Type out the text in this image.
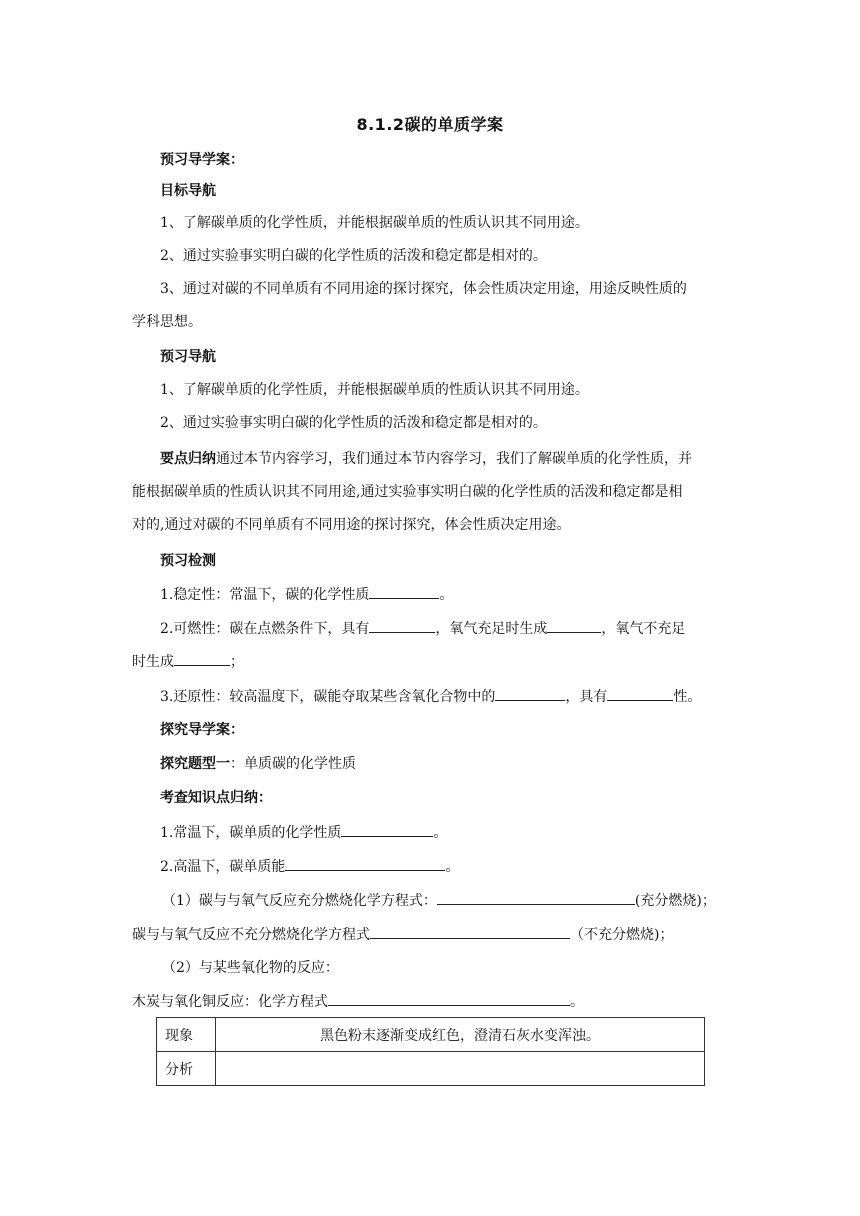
8.1.2碳的单质学案
预习导学案：
目标导航
1、了解碳单质的化学性质，并能根据碳单质的性质认识其不同用途。
2、通过实验事实明白碳的化学性质的活泼和稳定都是相对的。
3、通过对碳的不同单质有不同用途的探讨探究，体会性质决定用途，用途反映性质的
学科思想。
预习导航
1、了解碳单质的化学性质，并能根据碳单质的性质认识其不同用途。
2、通过实验事实明白碳的化学性质的活泼和稳定都是相对的。
要点归纳通过本节内容学习，我们通过本节内容学习，我们了解碳单质的化学性质，并
能根据碳单质的性质认识其不同用途,通过实验事实明白碳的化学性质的活泼和稳定都是相
对的,通过对碳的不同单质有不同用途的探讨探究，体会性质决定用途。
预习检测
1.稳定性：常温下，碳的化学性质	。
2.可燃性：碳在点燃条件下，具有	，氧气充足时生成	，氧气不充足
时生成	；
3.还原性：较高温度下，碳能夺取某些含氧化合物中的	，具有	性。
探究导学案：
探究题型一：单质碳的化学性质
考查知识点归纳：
1.常温下，碳单质的化学性质	。
2.高温下，碳单质能	。
（1）碳与与氧气反应充分燃烧化学方程式：	(充分燃烧)；
碳与与氧气反应不充分燃烧化学方程式	（不充分燃烧)；
（2）与某些氧化物的反应：
木炭与氧化铜反应：化学方程式	。
现象	黑色粉末逐渐变成红色，澄清石灰水变浑浊。
分析	
